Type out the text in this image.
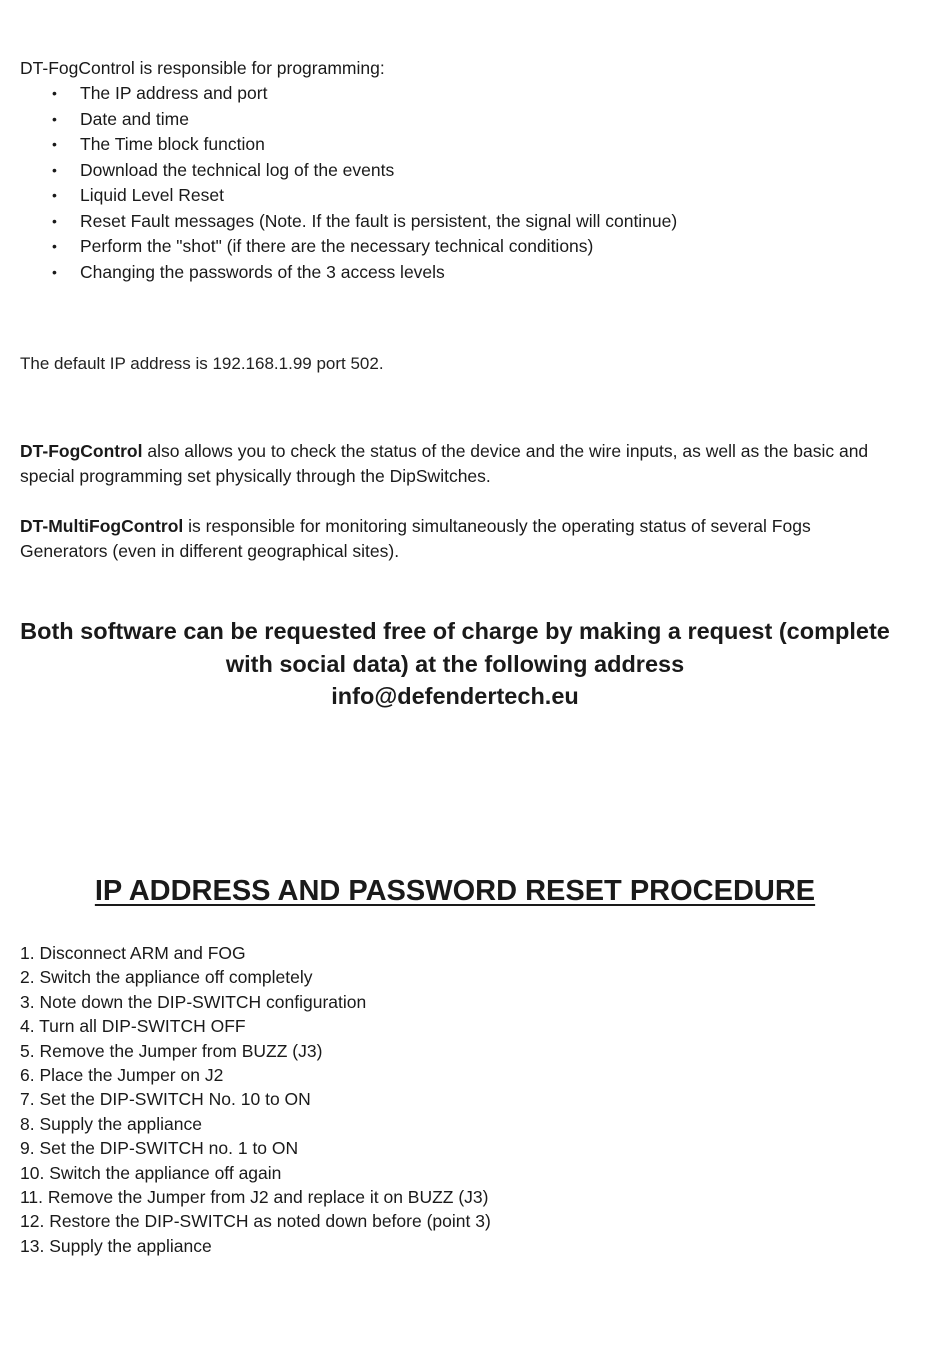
DT-FogControl is responsible for programming:

• The IP address and port
• Date and time
• The Time block function
• Download the technical log of the events
• Liquid Level Reset
• Reset Fault messages (Note. If the fault is persistent, the signal will continue)
• Perform the "shot" (if there are the necessary technical conditions)
• Changing the passwords of the 3 access levels

The default IP address is 192.168.1.99 port 502.

DT-FogControl also allows you to check the status of the device and the wire inputs, as well as the basic and special programming set physically through the DipSwitches.

DT-MultiFogControl is responsible for monitoring simultaneously the operating status of several Fogs Generators (even in different geographical sites).

Both software can be requested free of charge by making a request (complete
with social data) at the following address
info@defendertech.eu
IP ADDRESS AND PASSWORD RESET PROCEDURE
1. Disconnect ARM and FOG
2. Switch the appliance off completely
3. Note down the DIP-SWITCH configuration
4. Turn all DIP-SWITCH OFF
5. Remove the Jumper from BUZZ (J3)
6. Place the Jumper on J2
7. Set the DIP-SWITCH No. 10 to ON
8. Supply the appliance
9. Set the DIP-SWITCH no. 1 to ON
10. Switch the appliance off again
11. Remove the Jumper from J2 and replace it on BUZZ (J3)
12. Restore the DIP-SWITCH as noted down before (point 3)
13. Supply the appliance
